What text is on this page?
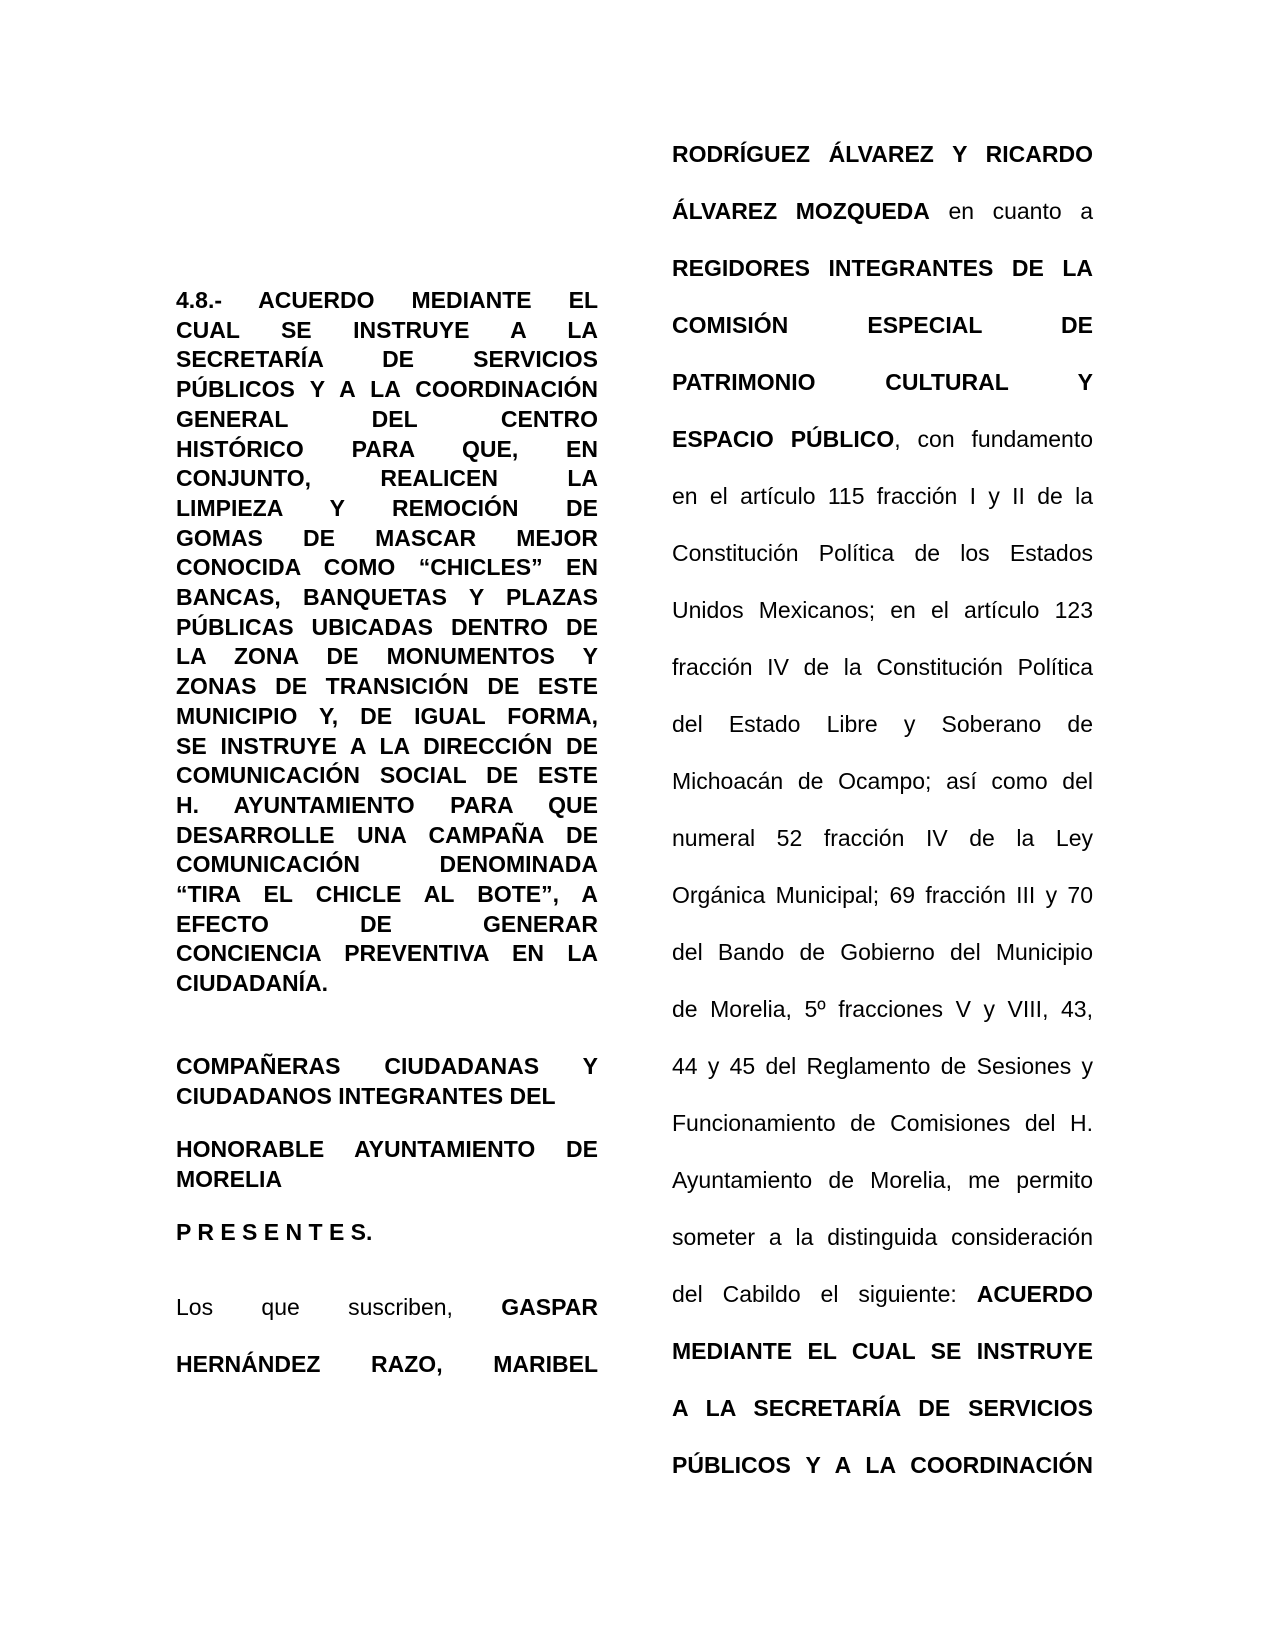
4.8.- ACUERDO MEDIANTE EL
CUAL SE INSTRUYE A LA
SECRETARÍA DE SERVICIOS
PÚBLICOS Y A LA COORDINACIÓN
GENERAL DEL CENTRO
HISTÓRICO PARA QUE, EN
CONJUNTO, REALICEN LA
LIMPIEZA Y REMOCIÓN DE
GOMAS DE MASCAR MEJOR
CONOCIDA COMO “CHICLES” EN
BANCAS, BANQUETAS Y PLAZAS
PÚBLICAS UBICADAS DENTRO DE
LA ZONA DE MONUMENTOS Y
ZONAS DE TRANSICIÓN DE ESTE
MUNICIPIO Y, DE IGUAL FORMA,
SE INSTRUYE A LA DIRECCIÓN DE
COMUNICACIÓN SOCIAL DE ESTE
H. AYUNTAMIENTO PARA QUE
DESARROLLE UNA CAMPAÑA DE
COMUNICACIÓN DENOMINADA
“TIRA EL CHICLE AL BOTE”, A
EFECTO DE GENERAR
CONCIENCIA PREVENTIVA EN LA
CIUDADANÍA.
COMPAÑERAS CIUDADANAS Y
CIUDADANOS INTEGRANTES DEL
HONORABLE AYUNTAMIENTO DE
MORELIA
P R E S E N T E S.
Los que suscriben, GASPAR
HERNÁNDEZ RAZO, MARIBEL
RODRÍGUEZ ÁLVAREZ Y RICARDO
ÁLVAREZ MOZQUEDA en cuanto a
REGIDORES INTEGRANTES DE LA
COMISIÓN ESPECIAL DE
PATRIMONIO CULTURAL Y
ESPACIO PÚBLICO, con fundamento
en el artículo 115 fracción I y II de la
Constitución Política de los Estados
Unidos Mexicanos; en el artículo 123
fracción IV de la Constitución Política
del Estado Libre y Soberano de
Michoacán de Ocampo; así como del
numeral 52 fracción IV de la Ley
Orgánica Municipal; 69 fracción III y 70
del Bando de Gobierno del Municipio
de Morelia, 5º fracciones V y VIII, 43,
44 y 45 del Reglamento de Sesiones y
Funcionamiento de Comisiones del H.
Ayuntamiento de Morelia, me permito
someter a la distinguida consideración
del Cabildo el siguiente: ACUERDO
MEDIANTE EL CUAL SE INSTRUYE
A LA SECRETARÍA DE SERVICIOS
PÚBLICOS Y A LA COORDINACIÓN
